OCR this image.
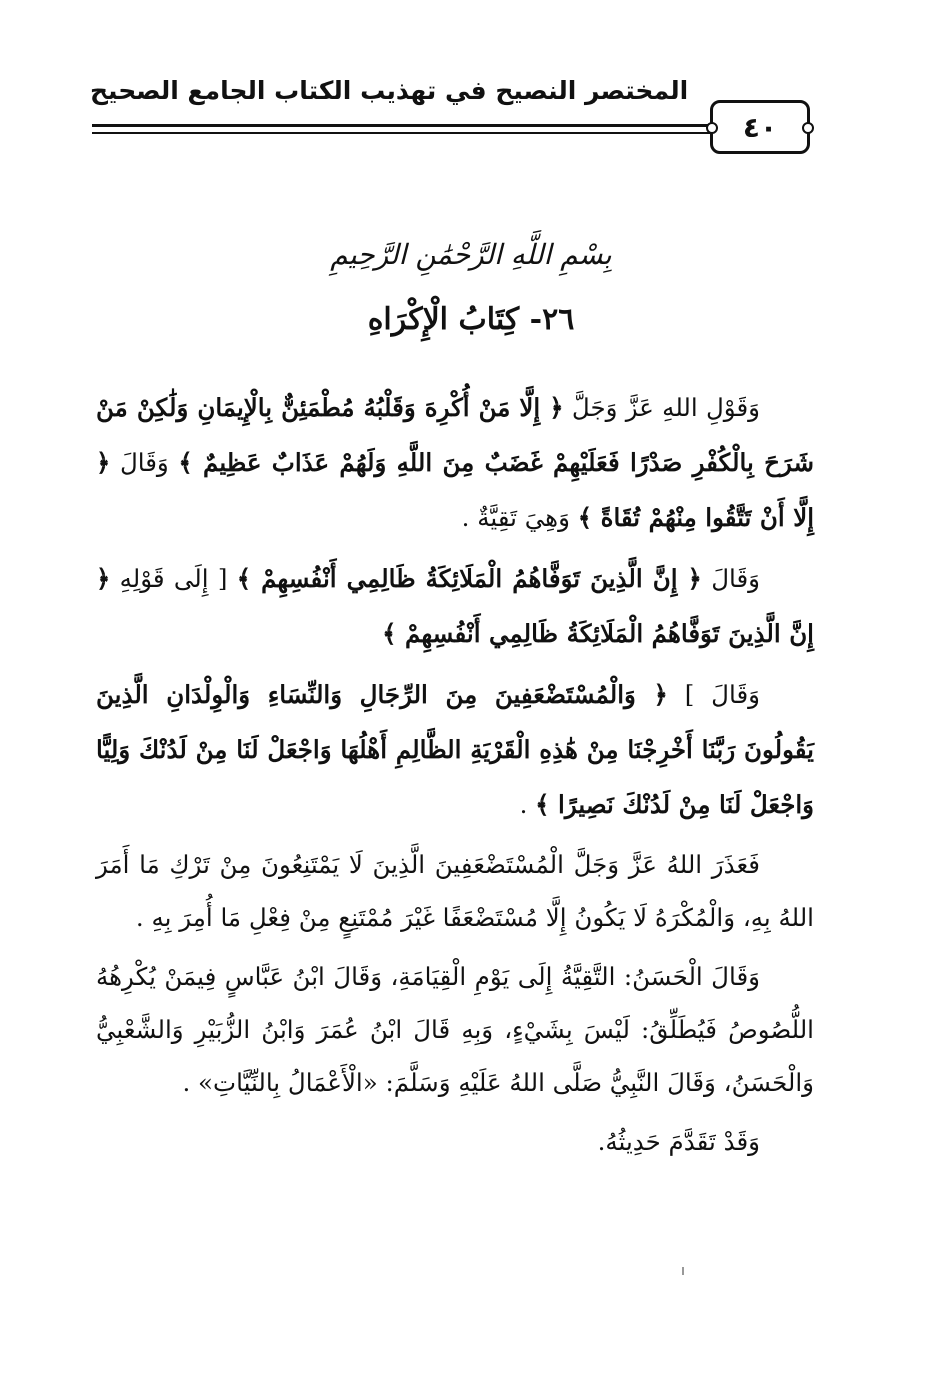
المختصر النصيح في تهذيب الكتاب الجامع الصحيح
٤٠
بِسْمِ اللَّهِ الرَّحْمَٰنِ الرَّحِيمِ
٢٦- كِتَابُ الْإِكْرَاهِ

وَقَوْلِ اللهِ عَزَّ وَجَلَّ ﴿ إِلَّا مَنْ أُكْرِهَ وَقَلْبُهُ مُطْمَئِنٌّ بِالْإِيمَانِ وَلَٰكِنْ مَنْ شَرَحَ بِالْكُفْرِ صَدْرًا فَعَلَيْهِمْ غَضَبٌ مِنَ اللَّهِ وَلَهُمْ عَذَابٌ عَظِيمٌ ﴾ وَقَالَ ﴿ إِلَّا أَنْ تَتَّقُوا مِنْهُمْ تُقَاةً ﴾ وَهِيَ تَقِيَّةٌ .

وَقَالَ ﴿ إِنَّ الَّذِينَ تَوَفَّاهُمُ الْمَلَائِكَةُ ظَالِمِي أَنْفُسِهِمْ ﴾ [ إِلَى قَوْلِهِ ﴿ إِنَّ الَّذِينَ تَوَفَّاهُمُ الْمَلَائِكَةُ ظَالِمِي أَنْفُسِهِمْ ﴾

وَقَالَ ] ﴿ وَالْمُسْتَضْعَفِينَ مِنَ الرِّجَالِ وَالنِّسَاءِ وَالْوِلْدَانِ الَّذِينَ يَقُولُونَ رَبَّنَا أَخْرِجْنَا مِنْ هَٰذِهِ الْقَرْيَةِ الظَّالِمِ أَهْلُهَا وَاجْعَلْ لَنَا مِنْ لَدُنْكَ وَلِيًّا وَاجْعَلْ لَنَا مِنْ لَدُنْكَ نَصِيرًا ﴾ .

فَعَذَرَ اللهُ عَزَّ وَجَلَّ الْمُسْتَضْعَفِينَ الَّذِينَ لَا يَمْتَنِعُونَ مِنْ تَرْكِ مَا أَمَرَ اللهُ بِهِ، وَالْمُكْرَهُ لَا يَكُونُ إِلَّا مُسْتَضْعَفًا غَيْرَ مُمْتَنِعٍ مِنْ فِعْلِ مَا أُمِرَ بِهِ .

وَقَالَ الْحَسَنُ: التَّقِيَّةُ إِلَى يَوْمِ الْقِيَامَةِ، وَقَالَ ابْنُ عَبَّاسٍ فِيمَنْ يُكْرِهُهُ اللُّصُوصُ فَيُطَلِّقُ: لَيْسَ بِشَيْءٍ، وَبِهِ قَالَ ابْنُ عُمَرَ وَابْنُ الزُّبَيْرِ وَالشَّعْبِيُّ وَالْحَسَنُ، وَقَالَ النَّبِيُّ صَلَّى اللهُ عَلَيْهِ وَسَلَّمَ: «الْأَعْمَالُ بِالنِّيَّاتِ» .

وَقَدْ تَقَدَّمَ حَدِيثُهُ.
